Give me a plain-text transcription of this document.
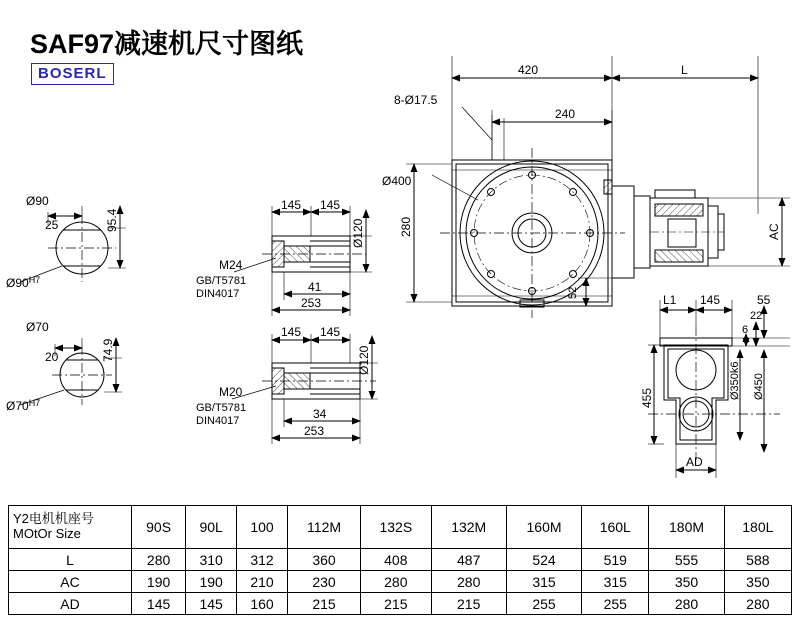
SAF97减速机尺寸图纸
BOSERL
Ø90
25	95.4
$Ø90^{H7}$
Ø70
20	74.9
$Ø70^{H7}$
145 145
Ø120
M24
GB/T5781
DIN4017	41
253
145 145
Ø120
M20
GB/T5781
DIN4017	34
253
420	L
240
8-Ø17.5
Ø400
280
52
AC
L1 145	55
22
6
455	Ø350k6 Ø450
AD
Y2电机机座号
MOtOr Size	90S	90L	100	112M	132S	132M	160M	160L	180M	180L
L	280	310	312	360	408	487	524	519	555	588
AC	190	190	210	230	280	280	315	315	350	350
AD	145	145	160	215	215	215	255	255	280	280
